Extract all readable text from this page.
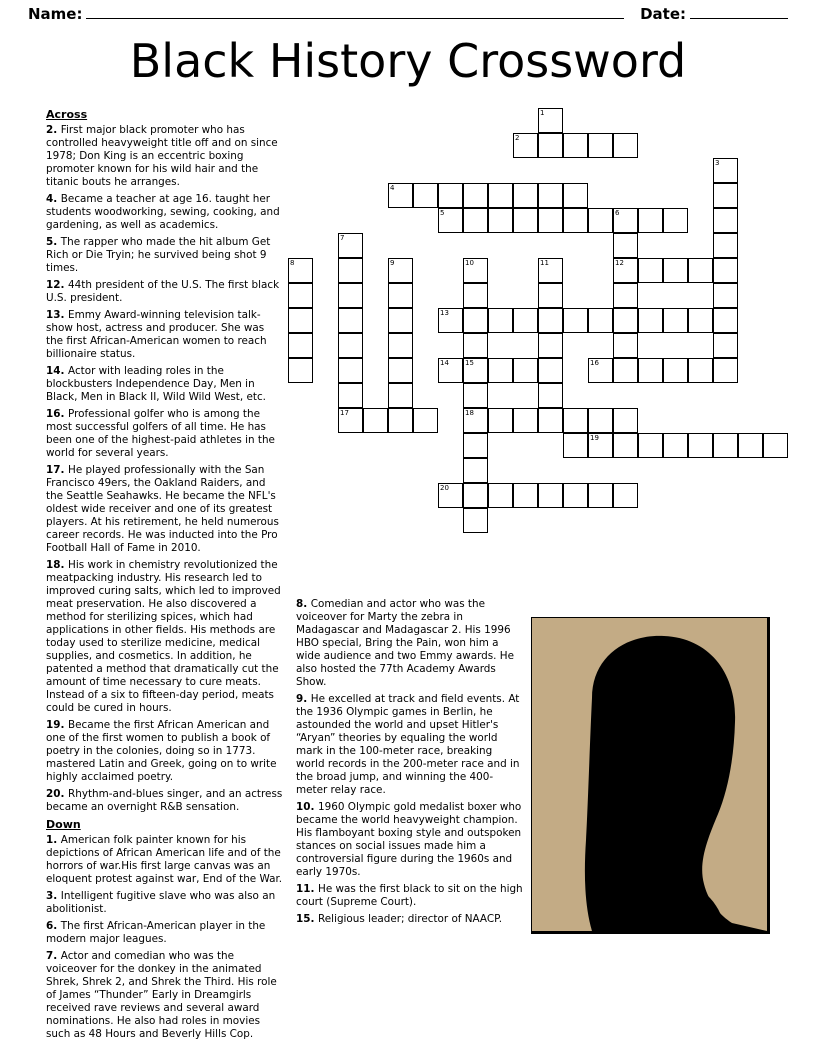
Name:	Date:
Black History Crossword
Across
2. First major black promoter who has controlled heavyweight title off and on since 1978; Don King is an eccentric boxing promoter known for his wild hair and the titanic bouts he arranges.
4. Became a teacher at age 16. taught her students woodworking, sewing, cooking, and gardening, as well as academics.
5. The rapper who made the hit album Get Rich or Die Tryin; he survived being shot 9 times.
12. 44th president of the U.S. The first black U.S. president.
13. Emmy Award-winning television talk-show host, actress and producer. She was the first African-American women to reach billionaire status.
14. Actor with leading roles in the blockbusters Independence Day, Men in Black, Men in Black II, Wild Wild West, etc.
16. Professional golfer who is among the most successful golfers of all time. He has been one of the highest-paid athletes in the world for several years.
17. He played professionally with the San Francisco 49ers, the Oakland Raiders, and the Seattle Seahawks. He became the NFL's oldest wide receiver and one of its greatest players. At his retirement, he held numerous career records. He was inducted into the Pro Football Hall of Fame in 2010.
18. His work in chemistry revolutionized the meatpacking industry. His research led to improved curing salts, which led to improved meat preservation. He also discovered a method for sterilizing spices, which had applications in other fields. His methods are today used to sterilize medicine, medical supplies, and cosmetics. In addition, he patented a method that dramatically cut the amount of time necessary to cure meats. Instead of a six to fifteen-day period, meats could be cured in hours.
19. Became the first African American and one of the first women to publish a book of poetry in the colonies, doing so in 1773. mastered Latin and Greek, going on to write highly acclaimed poetry.
20. Rhythm-and-blues singer, and an actress became an overnight R&B sensation.
Down
1. American folk painter known for his depictions of African American life and of the horrors of war.His first large canvas was an eloquent protest against war, End of the War.
3. Intelligent fugitive slave who was also an abolitionist.
6. The first African-American player in the modern major leagues.
7. Actor and comedian who was the voiceover for the donkey in the animated Shrek, Shrek 2, and Shrek the Third. His role of James “Thunder” Early in Dreamgirls received rave reviews and several award nominations. He also had roles in movies such as 48 Hours and Beverly Hills Cop.
8. Comedian and actor who was the voiceover for Marty the zebra in Madagascar and Madagascar 2. His 1996 HBO special, Bring the Pain, won him a wide audience and two Emmy awards. He also hosted the 77th Academy Awards Show.
9. He excelled at track and field events. At the 1936 Olympic games in Berlin, he astounded the world and upset Hitler's “Aryan” theories by equaling the world mark in the 100-meter race, breaking world records in the 200-meter race and in the broad jump, and winning the 400-meter relay race.
10. 1960 Olympic gold medalist boxer who became the world heavyweight champion. His flamboyant boxing style and outspoken stances on social issues made him a controversial figure during the 1960s and early 1970s.
11. He was the first black to sit on the high court (Supreme Court).
15. Religious leader; director of NAACP.
1
2
3
4
5	6
7
8	9	10	11	12
13
14 15	16
17	18
19
20
